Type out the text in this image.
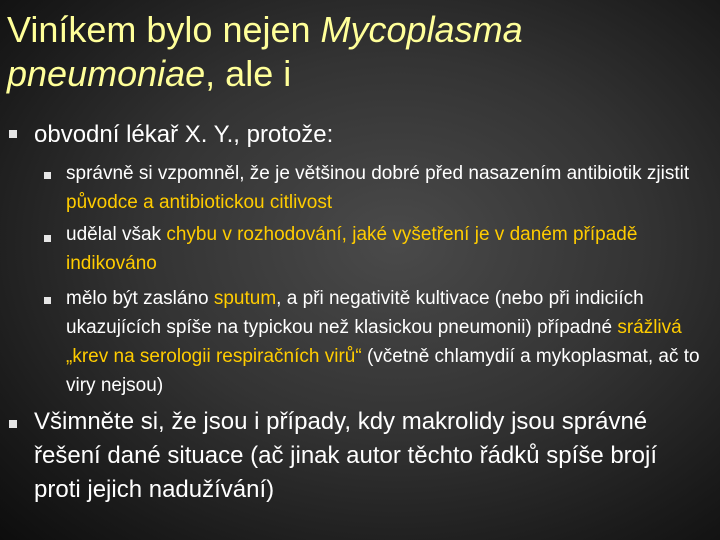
Viníkem bylo nejen Mycoplasma
pneumoniae, ale i
obvodní lékař X. Y., protože:
správně si vzpomněl, že je většinou dobré před nasazením antibiotik zjistit původce a antibiotickou citlivost
udělal však chybu v rozhodování, jaké vyšetření je v daném případě indikováno
mělo být zasláno sputum, a při negativitě kultivace (nebo při indiciích ukazujících spíše na typickou než klasickou pneumonii) případné srážlivá „krev na serologii respiračních virů“ (včetně chlamydií a mykoplasmat, ač to viry nejsou)
Všimněte si, že jsou i případy, kdy makrolidy jsou správné řešení dané situace (ač jinak autor těchto řádků spíše brojí proti jejich nadužívání)
